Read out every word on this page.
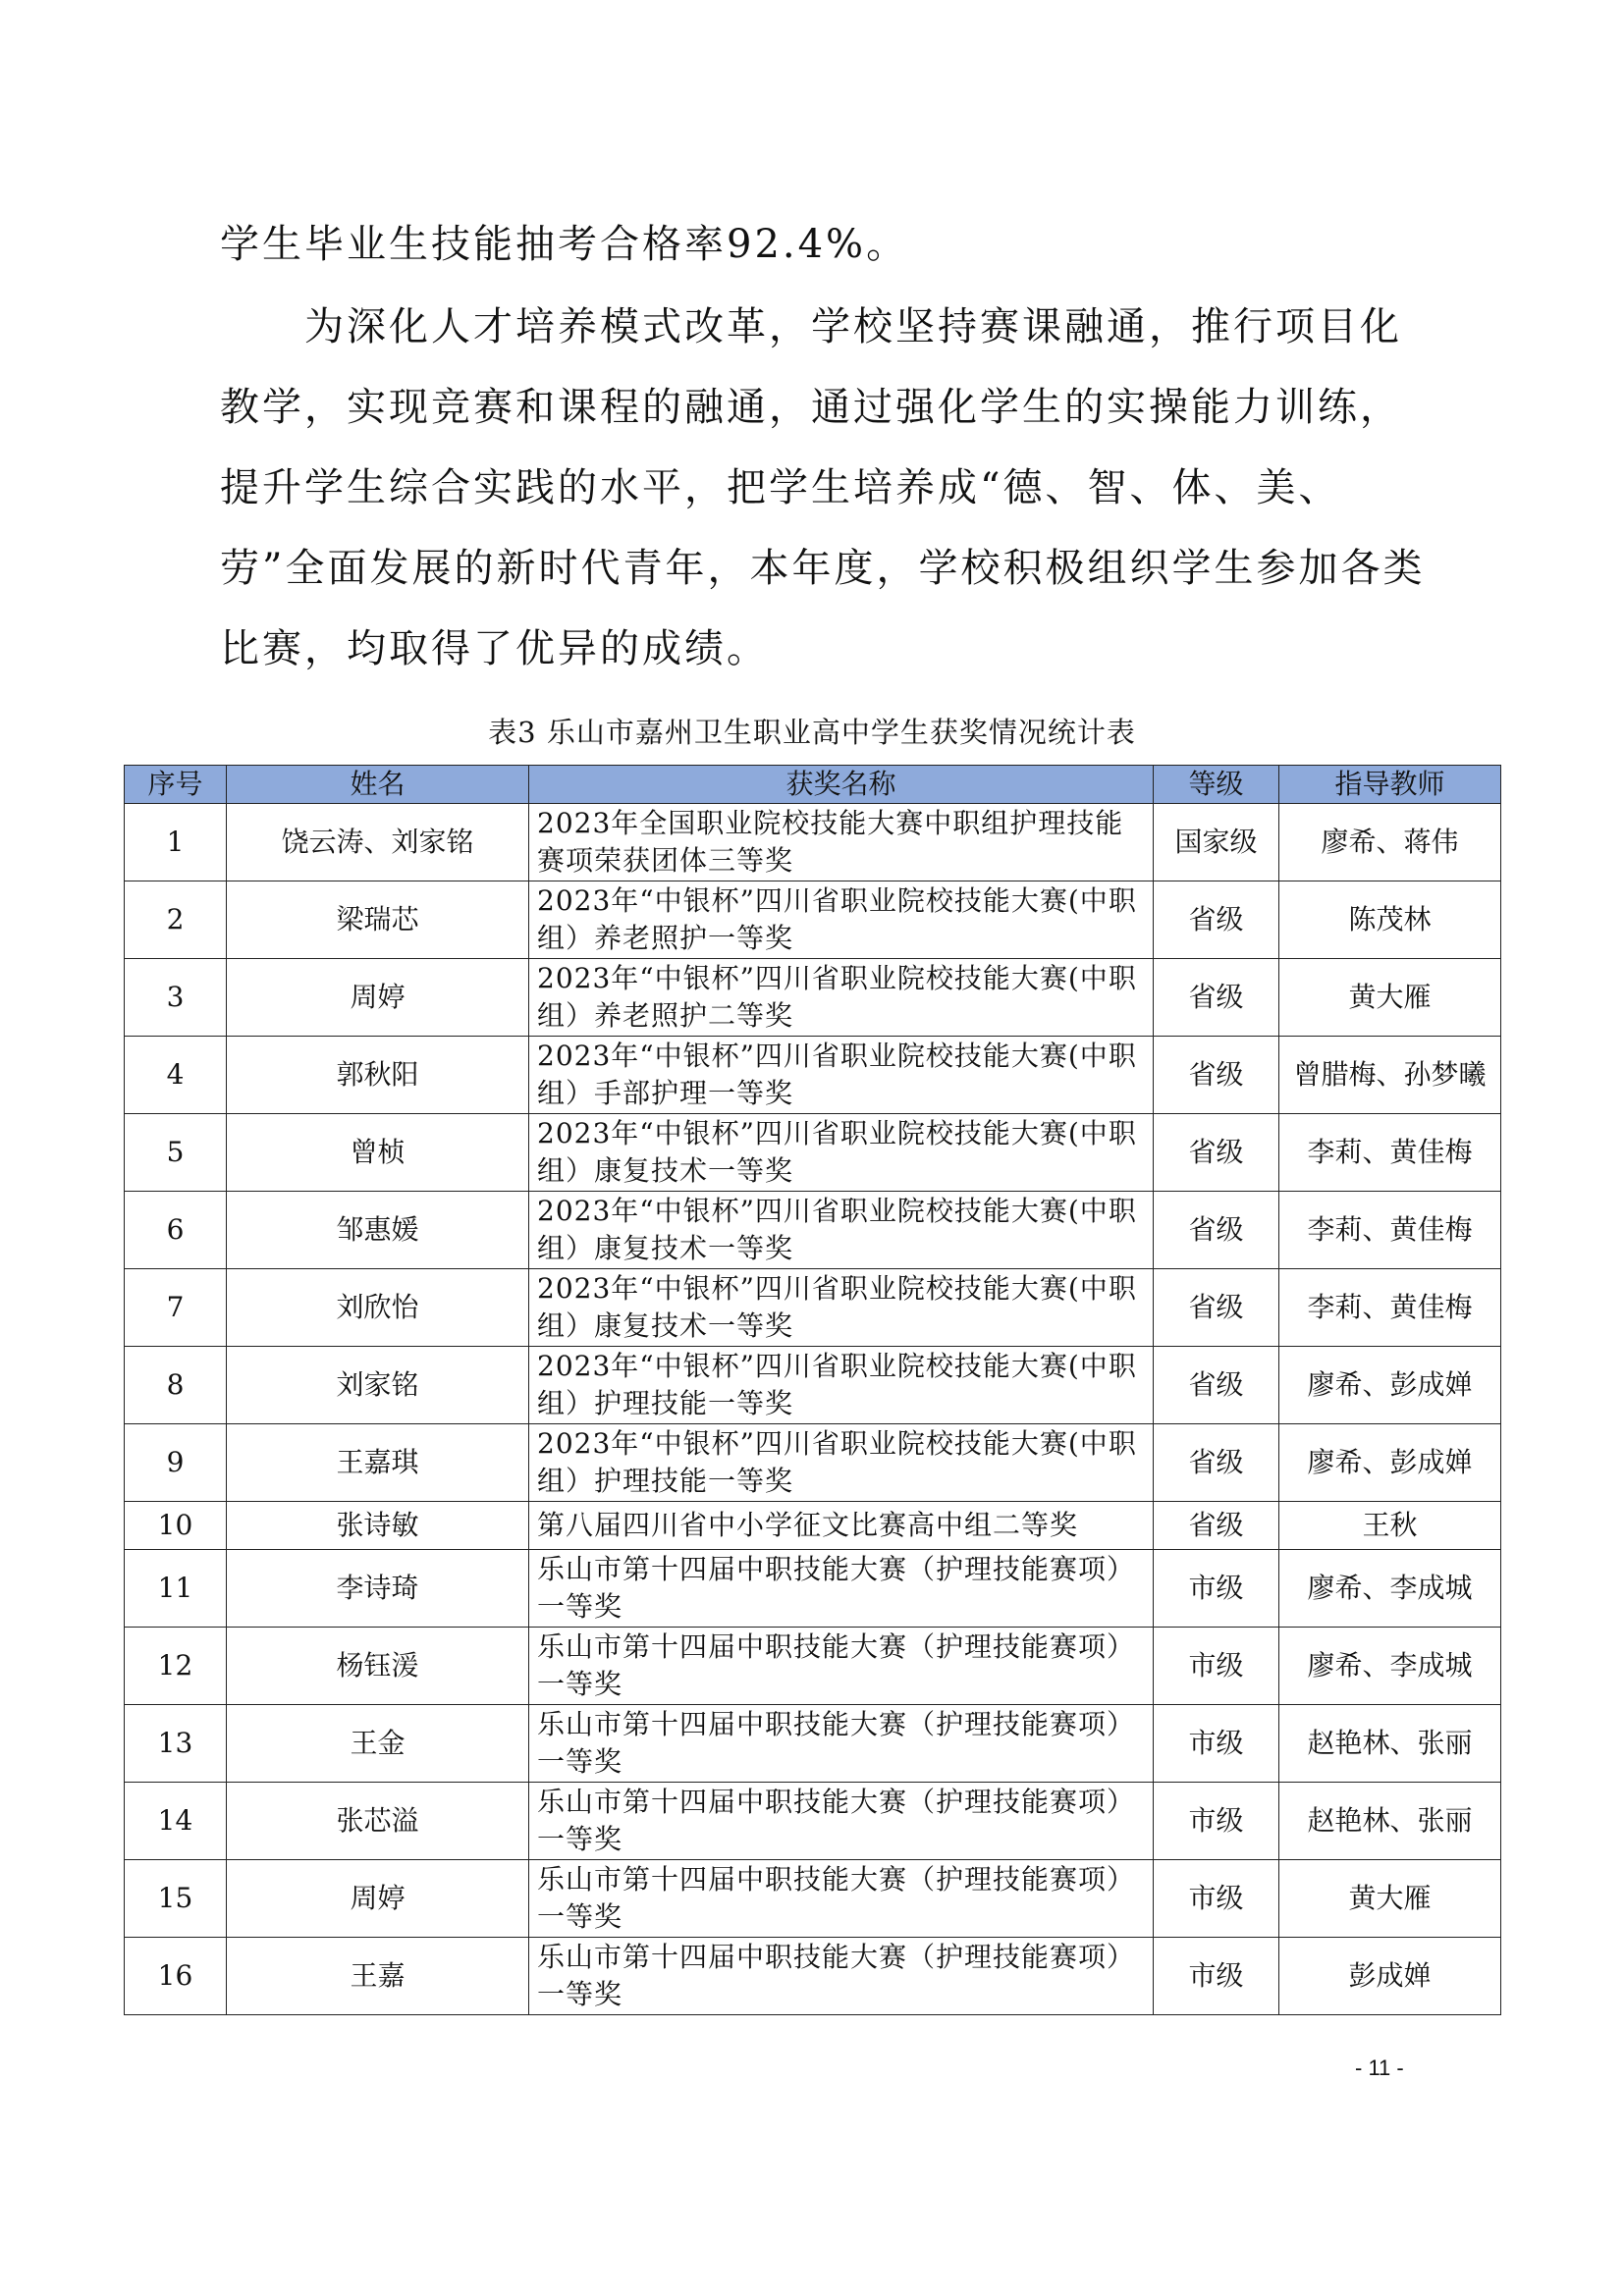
学生毕业生技能抽考合格率92.4%。

为深化人才培养模式改革，学校坚持赛课融通，推行项目化教学，实现竞赛和课程的融通，通过强化学生的实操能力训练，提升学生综合实践的水平，把学生培养成“德、智、体、美、劳”全面发展的新时代青年，本年度，学校积极组织学生参加各类比赛，均取得了优异的成绩。

表3 乐山市嘉州卫生职业高中学生获奖情况统计表
序号	姓名	获奖名称	等级	指导教师
1	饶云涛、刘家铭	2023年全国职业院校技能大赛中职组护理技能赛项荣获团体三等奖	国家级	廖希、蒋伟
2	梁瑞芯	2023年“中银杯”四川省职业院校技能大赛(中职组）养老照护一等奖	省级	陈茂林
3	周婷	2023年“中银杯”四川省职业院校技能大赛(中职组）养老照护二等奖	省级	黄大雁
4	郭秋阳	2023年“中银杯”四川省职业院校技能大赛(中职组）手部护理一等奖	省级	曾腊梅、孙梦曦
5	曾桢	2023年“中银杯”四川省职业院校技能大赛(中职组）康复技术一等奖	省级	李莉、黄佳梅
6	邹惠媛	2023年“中银杯”四川省职业院校技能大赛(中职组）康复技术一等奖	省级	李莉、黄佳梅
7	刘欣怡	2023年“中银杯”四川省职业院校技能大赛(中职组）康复技术一等奖	省级	李莉、黄佳梅
8	刘家铭	2023年“中银杯”四川省职业院校技能大赛(中职组）护理技能一等奖	省级	廖希、彭成婵
9	王嘉琪	2023年“中银杯”四川省职业院校技能大赛(中职组）护理技能一等奖	省级	廖希、彭成婵
10	张诗敏	第八届四川省中小学征文比赛高中组二等奖	省级	王秋
11	李诗琦	乐山市第十四届中职技能大赛（护理技能赛项）一等奖	市级	廖希、李成城
12	杨钰湲	乐山市第十四届中职技能大赛（护理技能赛项）一等奖	市级	廖希、李成城
13	王金	乐山市第十四届中职技能大赛（护理技能赛项）一等奖	市级	赵艳林、张丽
14	张芯溢	乐山市第十四届中职技能大赛（护理技能赛项）一等奖	市级	赵艳林、张丽
15	周婷	乐山市第十四届中职技能大赛（护理技能赛项）一等奖	市级	黄大雁
16	王嘉	乐山市第十四届中职技能大赛（护理技能赛项）一等奖	市级	彭成婵
- 11 -
